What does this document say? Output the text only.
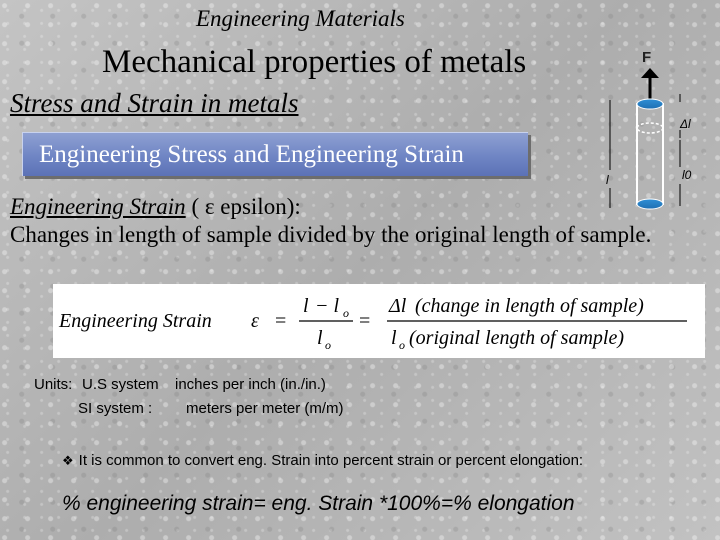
Engineering Materials
Mechanical properties of metals
Stress and Strain in metals
Engineering Stress and Engineering Strain
Engineering Strain ( ε epsilon):
Changes in length of sample divided by the original length of sample.
Engineering Strain ε =
l − l o
l o
=
Δl (change in length of sample)
l o (original length of sample)
Units: U.S system inches per inch (in./in.)
SI system : meters per meter (m/m)
❖ It is common to convert eng. Strain into percent strain or percent elongation:
% engineering strain= eng. Strain *100%=% elongation
F
Δl
l0
l
